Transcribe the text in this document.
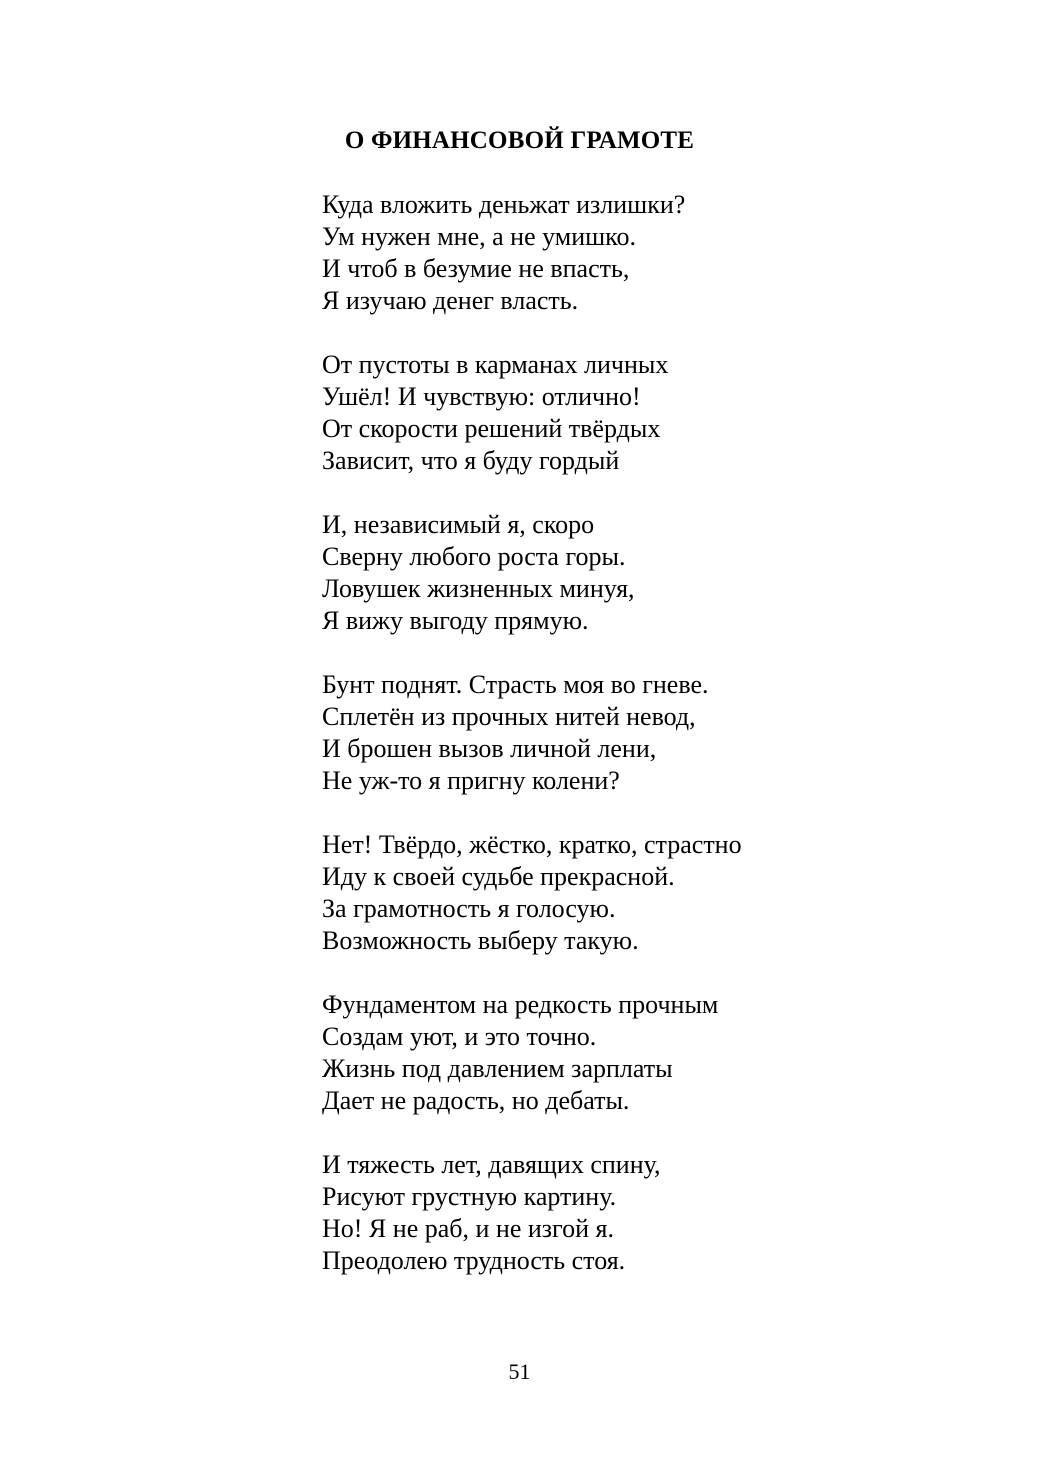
О ФИНАНСОВОЙ ГРАМОТЕ
Куда вложить деньжат излишки?
Ум нужен мне, а не умишко.
И чтоб в безумие не впасть,
Я изучаю денег власть.
От пустоты в карманах личных
Ушёл! И чувствую: отлично!
От скорости решений твёрдых
Зависит, что я буду гордый
И, независимый я, скоро
Сверну любого роста горы.
Ловушек жизненных минуя,
Я вижу выгоду прямую.
Бунт поднят. Страсть моя во гневе.
Сплетён из прочных нитей невод,
И брошен вызов личной лени,
Не уж-то я пригну колени?
Нет! Твёрдо, жёстко, кратко, страстно
Иду к своей судьбе прекрасной.
За грамотность я голосую.
Возможность выберу такую.
Фундаментом на редкость прочным
Создам уют, и это точно.
Жизнь под давлением зарплаты
Дает не радость, но дебаты.
И тяжесть лет, давящих спину,
Рисуют грустную картину.
Но! Я не раб, и не изгой я.
Преодолею трудность стоя.
51
